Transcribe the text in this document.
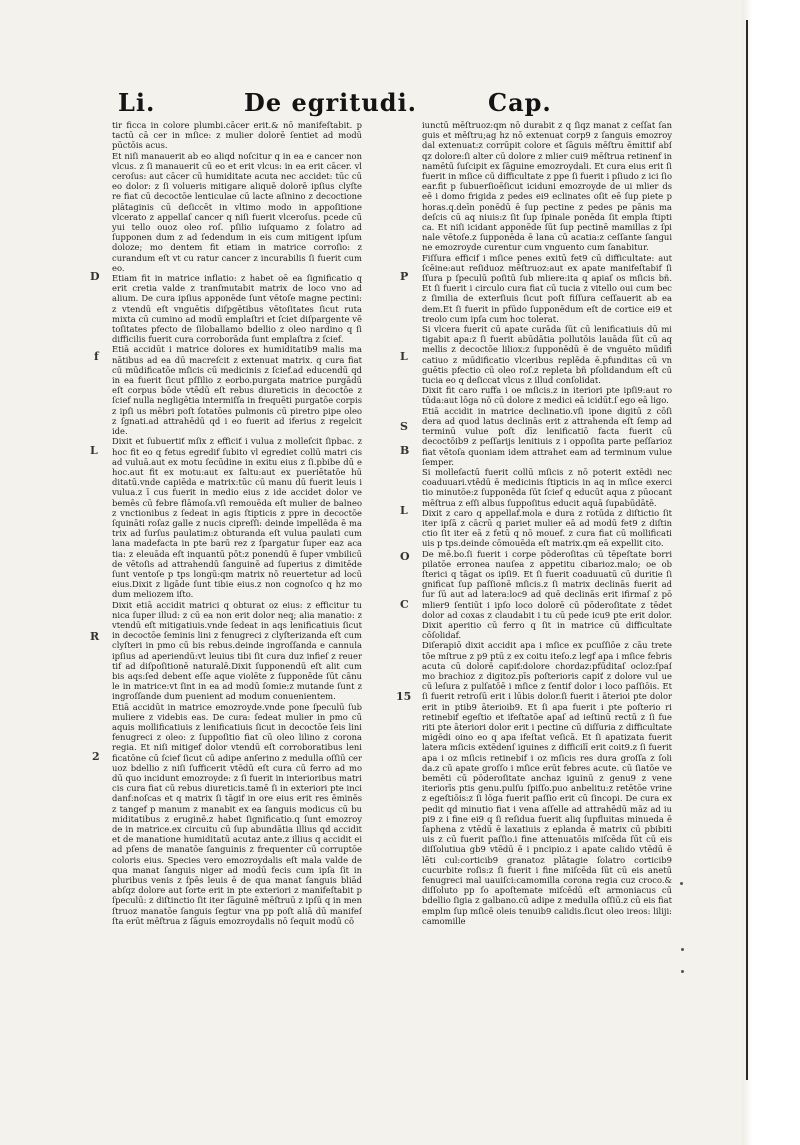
Li.	De egritudi.	Cap.
D
f
L
R
2
P
L
S
B
L
O
C
15

tir ficca in colore plumbi.cācer erit.& nō manifeſtabit. p tactū cā cer in mſice: z mulier dolorē ſentiet ad modū pūctōis acus.

Et niſi manauerit ab eo aliqd noſcitur q in ea e cancer non vlcus. z ſi manauerit cū eo et erit vlcus: in ea erit cācer. vl ceroſus: aut cācer cū humiditate acuta nec accidet: tūc cū eo dolor: z ſi volueris mitigare aliquē dolorē ipſius clyſte re fiat cū decoctōe lenticulae cū lacte aſinino z decoctione plātaginis cū deſiccēt in vltimo modo in appoſitione vlcerato z appellaſ cancer q niſi fuerit vlceroſus. pcede cū yui tello ouoz oleo roſ. pſilio iuſquamo z ſolatro ad ſupponen dum z ad ſedendum in eis cum mitigent ipſum doloze; mo dentem fit etiam in matrice corroſio: z curandum eſt vt cu ratur cancer z incurabilis ſi fuerit cum eo.

Etiam fit in matrice inflatio: z habet oē ea ſignificatio q erit cretia valde z tranſmutabit matrix de loco vno ad alium. De cura ipſius apponēde ſunt vētoſe magne pectini: z vtendū eſt vnguētis diſpgētibus vētoſitates ſicut ruta mixta cū cumino ad modū emplaſtri et ſciet diſpargente vē toſitates pfecto de ſiloballamo bdellio z oleo nardino q ſi difficilis fuerit cura corroborāda ſunt emplaſtra z ſcief.

Etiā accidūt i matrice dolores ex humiditatib9 malis ma nātibus ad ea dū macreſcit z extenuat matrix. q cura fiat cū mūdificatōe mſicis cū medicinis z ſcief.ad educendū qd in ea fuerit ſicut pſſilio z eorbo.purgata matrice purgādū eſt corpus bōde vtēdū eſt rebus diureticis in decoctōe z ſcief nulla negligētia intermiſſa in frequēti purgatōe corpis z ipſi us mēbri poſt ſotatōes pulmonis cū piretro pipe oleo z ſgnati.ad attrahēdū qd i eo fuerit ad iferius z regelcit ide.

Dixit et ſubuertiť mſix z efficiť i vulua z molleſcit ſipbac. z hoc fit eo q fetus egredif ſubito vl egrediet collū matri cis ad vuluā.aut ex motu ſecūdine in exitu eius z ſi.pbibe dū e hoc.aut fit ex motu:aut ex ſaltu:aut ex pueriētatōe hū ditatū.vnde capiēda e matrix:tūc cū manu dū fuerit leuis i vulua.z ī cus fuerit in medio eius z ide accidet dolor ve bemēs cū febre flāmoſa.vſi remouēda eſt mulier de balneo z vnctionibus z ſedeat in agis ſtipticis z ppre in decoctōe ſquināti roſaz galle z nucis cipreſſi: deinde impellēda ē ma trix ad ſurſus paulatim:z obturanda eſt vulua paulati cum lana madefacta in pte barū rez z ſpargatur ſuper eaz aca tia: z eleuāda eſt inquantū pōt:z ponendū ē ſuper vmbilicū de vētoſis ad attrahendū ſanguinē ad ſuperius z dimitēde ſunt ventoſe p tps longū:qm matrix nō reuertetur ad locū eius.Dixit z ligāde ſunt tibie eius.z non cognoſco q hz mo dum meliozem iſto.

Dixit etiā accidit matrici q obturat oz eius: z efficitur tu nica ſuper illud: z cū ea non erit dolor neq; alia manatio: z vtendū eſt mitigatiuis.vnde ſedeat in aqs lenificatiuis ſicut in decoctōe ſeminis lini z fenugreci z clyſterizanda eſt cum clyſteri in pmo cū bis rebus.deinde ingroſſanda e cannula ipſius ad aperiendū:vt leuius tibi ſit cura duz infieſ z reuer tif ad diſpoſitionē naturalē.Dixit ſupponendū eſt alit cum bis aqs:ſed debent eſſe aque violēte z ſupponēde ſūt cānu le in matrice:vt ſint in ea ad modū ſomie:z mutande ſunt z ingroſſande dum puenient ad modum conuenientem.

Etiā accidūt in matrice emozroyde.vnde pone ſpeculū ſub muliere z videbis eas. De cura: ſedeat mulier in pmo cū aquis mollificatiuis z lenificatiuis ſicut in decoctōe ſeis lini fenugreci z oleo: z ſuppoſitio fiat cū oleo lilino z corona regia. Et niſi mitigef dolor vtendū eſt corroboratibus leni ficatōne cū ſcief ſicut cū adipe anſerino z medulla oſſiū cer uoz bdellio z niſi ſufficerit vtēdū eſt cura cū ferro ad mo dū quo incidunt emozroyde: z ſi fuerit in interioribus matri cis cura fiat cū rebus diureticis.tamē ſi in exteriori pte inci danf:noſcas et q matrix ſi tāgif in ore eius erit res ēminēs z tangef p manum z manabit ex ea ſanguis modicus cū bu miditatibus z eruginē.z habet ſignificatio.q ſunt emozroy de in matrice.ex circuitu cū ſup abundātia illius qd accidit et de manatione humiditatū acutaz ante.z illius q accidit ei ad pſens de manatōe ſanguinis z frequenter cū corruptōe coloris eius. Species vero emozroydalis eſt mala valde de qua manat ſanguis niger ad modū fecis cum ipſa ſit in pluribus venis z ſpēs leuis ē de qua manat ſanguis bliād abſqz dolore aut ſorte erit in pte exteriori z manifeſtabit p ſpeculū: z diſtinctio ſit iter ſāguinē mēſtruū z ipſū q in men ſtruoz manatōe ſanguis ſegtur vna pp poſt aliā dū manifeſ ſta erūt mēſtrua z ſāguis emozroydalis nō ſequit modū cō

iunctū mēſtruoz:qm nō durabit z q ſiqz manat z ceſſat ſan guis et mēſtru;ag hz nō extenuat corp9 z ſanguis emozroy dal extenuat:z corrūpit colore et ſāguis mēſtru ēmittif abſ qz dolore:ſi alter cū dolore z mlier cui9 mēſtrua retinenf in namētū ſuſcipit ex ſāguine emozroydali. Et cura eius erit ſi fuerit in mſice cū difficultate z ppe ſi fuerit i pſiudo z ici ſio ear.fit p ſubuerſioēſicut iciduni emozroyde de ui mlier ds eē i domo frigida z pedes ei9 eclinates oſit eē ſup piete p horas.q.deīn ponēdū ē ſup pectine z pedes pe pānis ma deſcis cū aq niuis:z ſit ſup ſpinale ponēda ſit empla ſtipti ca. Et niſi icidant apponēde ſūt ſup pectinē mamillas z ſpi nale vētoſe.z ſupponēda ē lana cū acatia:z ceſſante ſangui ne emozroyde curentur cum vnguento cum ſanabitur.

Fiſſura efficif i mſice penes exitū fet9 cū difficultate: aut ſcēine:aut reſiduoz mēſtruoz:aut ex apate manifeſtabif ſi ſſura p ſpeculū poſitū ſub mliere:ita q apiaſ os mſicis bñ. Et ſi fuerit i circulo cura fiat cū tucia z vitello oui cum bec z ſimilia de exterſiuis ſicut poſt fiſſura ceſſauerit ab ea dem.Et ſi fuerit in pfūdo ſupponēdum eſt de cortice ei9 et treolo cum ipſa cum hoc tolerat.

Si vlcera fuerit cū apate curāda ſūt cū lenificatiuis dū mi tigabit apa:z ſi fuerit abūdātia pollutōis lauāda ſūt cū aq mellis z decoctōe liliox:z ſupponēdū ē de vnguēto mūdifi catiuo z mūdificatio vlceribus replēda ē.pfunditas cū vn guētis pfectio cū oleo roſ.z repleta bñ pſolidandum eſt cū tucia eo q deſiccat vlcus z illud conſolidat.

Dixit fit caro ruffa i oe mſicis.z in iteriori pte ipſi9:aut ro tūda:aut lōga nō cū dolore z medici eā icidūt.ſ ego eā ligo.

Etiā accidit in matrice declinatio.vſi ipone digitū z cōſi dera ad quod latus declinās erit z attrahenda eſt ſemp ad terminū vulue poſt dīz lenificatiō facta fuerit cū decoctōib9 z peſſarijs lenitiuis z i oppoſita parte peſſarioz fiat vētoſa quoniam idem attrahet eam ad terminum vulue ſemper.

Si molleſactū fuerit collū mſicis z nō poterit extēdi nec coaduuari.vtēdū ē medicinis ſtipticis in aq in mſice exerci tio minutōe:z ſupponēda ſūt ſcief q educūt aqua z pūocant mēſtrua z eſſi albus ſuppoſitus educit aquā ſupabūdātē.

Dixit z caro q appellaf.mola e dura z rotūda z diſtictio ſit iter ipſā z cācrū q pariet mulier eā ad modū fet9 z diſtin ctio ſit iter eā z fetū q nō mouef. z cura fiat cū mollificati uis p tps.deinde cōmouēda eſt matrix.qm eā expellit cito.

De mē.bo.ſi fuerit i corpe pōderoſitas cū tēpeſtate borri pilatōe erronea nauſea z appetitu cibarioz.malo; oe ob ſterici q tāgat os ipſi9. Et ſi fuerit coaduuatū cū duritie ſi gnificat ſup paſſionē mſicis.z ſi matrix declinās fuerit ad ſur ſū aut ad latera:loc9 ad quē declinās erit ifirmaſ z pō mlier9 ſentiūt i ipſo loco dolorē cū pōderoſitate z tēdet dolor ad coxas z claudabit i tu cū pede icu9 pte erit dolor. Dixit aperitio cū ferro q ſit in matrice cū difficultate cōſolidaf.

Diſerapiō dixit accidit apa i mſice ex pcuſſiōe z cāu trete tōe mſtrue z p9 ptū z ex coitu iteſo.z legf apa i mſice febris acuta cū dolorē capiť:dolore chordaz:pfūditaſ ocloz:ſpaſ mo brachioz z digitoz.pīs poſterioris capiť z dolore vul ue cū leſura z pulſatōē i mſice z ſentif dolor i loco paſſiōis. Et ſi fuerit retroſū erit i lūbis dolor.ſi fuerit i āterioi pte dolor erit in ptib9 āterioib9. Et ſi apa fuerit i pte poſterio ri retinebif egeſtio et ifeſtatōe apaſ ad ieſtinū rectū z ſi fue riti pte āteriori dolor erit i pectine cū diſſuria z difficultate migēdi oino eo q apa ifeſtat veſicā. Et ſi apatizata fuerit latera mſicis extēdenſ iguines z difficilī erit coit9.z ſi fuerit apa i oz mſicis retinebif i oz mſicis res dura groſſa z ſoli da.z cū apate groſſo i mſice erūt febres acute. cū ſiatōe ve bemēti cū pōderoſitate anchaz iguinū z genu9 z vene iteriorīs ptis genu.pulſu ſpiſſo.puo anbelitu:z retētōe vrine z egeſtiōis:z ſi lōga fuerit paſſio erit cū ſincopi. De cura ex pedit qd minutio fiat i vena aſſelle ad attrahēdū māz ad iu pi9 z i fine ei9 q ſi reſidua fuerit aliq ſupfluitas minueda ē ſaphena z vtēdū ē laxatiuis z eplanda ē matrix cū pbibiti uis z cū fuerit paſſio.i fine attenuatōis miſcēda ſūt cū eis diſſolutiua gb9 vtēdū ē i pncipio.z i apate calido vtēdū ē lēti cul:corticib9 granatoz plātagie ſolatro corticib9 cucurbite roſis:z ſi fuerit i fine miſcēda ſūt cū eis anetū fenugreci mal uauiſci:camomilla corona regia cuz croco.& diſſoluto pp ſo apoſtemate miſcēdū eſt armoniacus cū bdellio ſigia z galbano.cū adipe z medulla oſſiū.z cū eis fiat emplm ſup mſicē oleis tenuib9 calidis.ſicut oleo ireos: liliji: camomille
